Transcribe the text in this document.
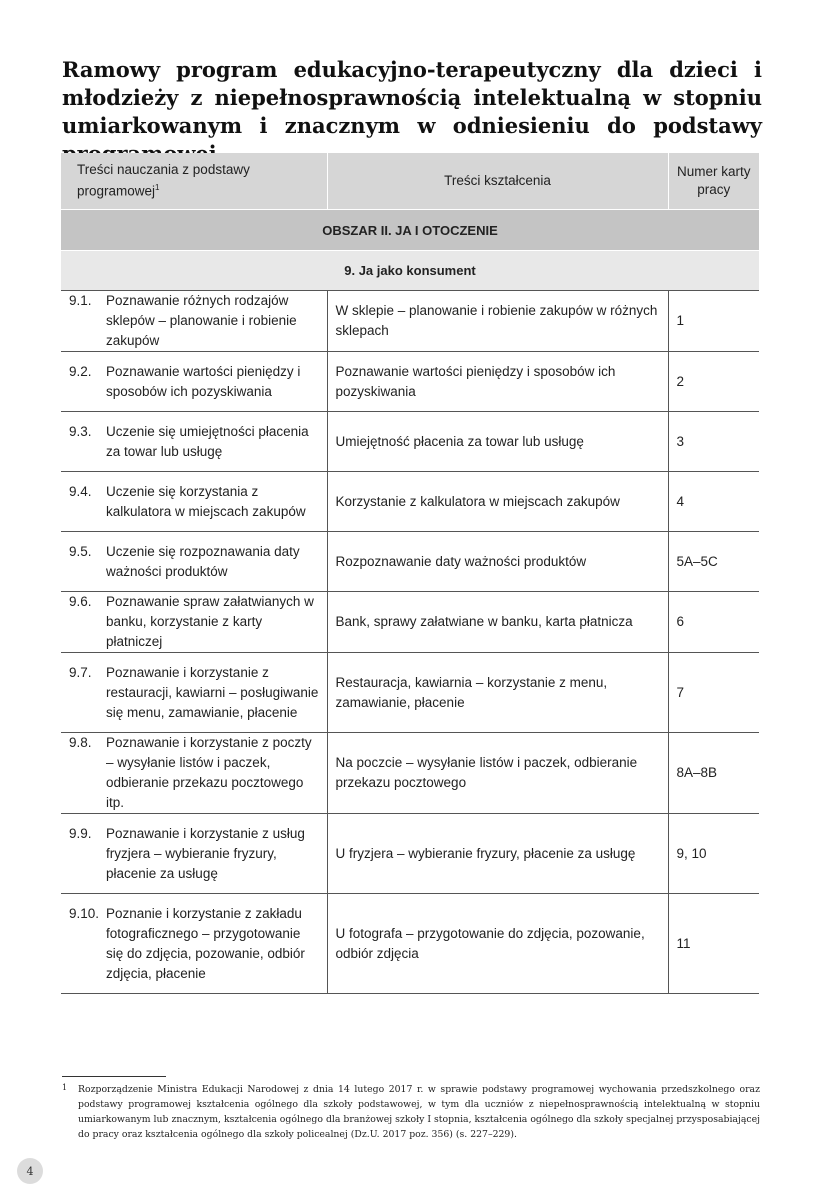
Ramowy program edukacyjno-terapeutyczny dla dzieci i młodzieży z niepełnosprawnością intelektualną w stopniu umiarkowanym i znacznym w odniesieniu do podstawy
Treści nauczania z podstawy programowej$^1$	Treści kształcenia	Numer karty
pracy
OBSZAR II. JA I OTOCZENIE		
9. Ja jako konsument		

9.1. Poznawanie różnych rodzajów sklepów – planowanie i robienie zakupów	W sklepie – planowanie i robienie zakupów w różnych sklepach	1

9.2. Poznawanie wartości pieniędzy i sposobów ich pozyskiwania	Poznawanie wartości pieniędzy i sposobów ich pozyskiwania	2

9.3. Uczenie się umiejętności płacenia za towar lub usługę	Umiejętność płacenia za towar lub usługę	3

9.4. Uczenie się korzystania z kalkulatora w miejscach zakupów	Korzystanie z kalkulatora w miejscach zakupów	4

9.5. Uczenie się rozpoznawania daty ważności produktów	Rozpoznawanie daty ważności produktów	5A–5C

9.6. Poznawanie spraw załatwianych w banku, korzystanie z karty płatniczej	Bank, sprawy załatwiane w banku, karta płatnicza	6

9.7. Poznawanie i korzystanie z restauracji, kawiarni – posługiwanie się menu, zamawianie, płacenie	Restauracja, kawiarnia – korzystanie z menu, zamawianie, płacenie	7

9.8. Poznawanie i korzystanie z poczty – wysyłanie listów i paczek, odbieranie przekazu pocztowego itp.	Na poczcie – wysyłanie listów i paczek, odbieranie przekazu pocztowego	8A–8B

9.9. Poznawanie i korzystanie z usług fryzjera – wybieranie fryzury, płacenie za usługę	U fryzjera – wybieranie fryzury, płacenie za usługę	9, 10

9.10. Poznanie i korzystanie z zakładu fotograficznego – przygotowanie się do zdjęcia, pozowanie, odbiór zdjęcia, płacenie	U fotografa – przygotowanie do zdjęcia, pozowanie, odbiór zdjęcia	11
1	Rozporządzenie Ministra Edukacji Narodowej z dnia 14 lutego 2017 r. w sprawie podstawy programowej wychowania przedszkolnego oraz podstawy programowej kształcenia ogólnego dla szkoły podstawowej, w tym dla uczniów z niepełnosprawnością intelektualną w stopniu umiarkowanym lub znacznym, kształcenia ogólnego dla branżowej szkoły I stopnia, kształcenia ogólnego dla szkoły specjalnej przysposabiającej do pracy oraz kształcenia ogólnego dla szkoły policealnej (Dz.U. 2017 poz. 356) (s. 227–229).
4
